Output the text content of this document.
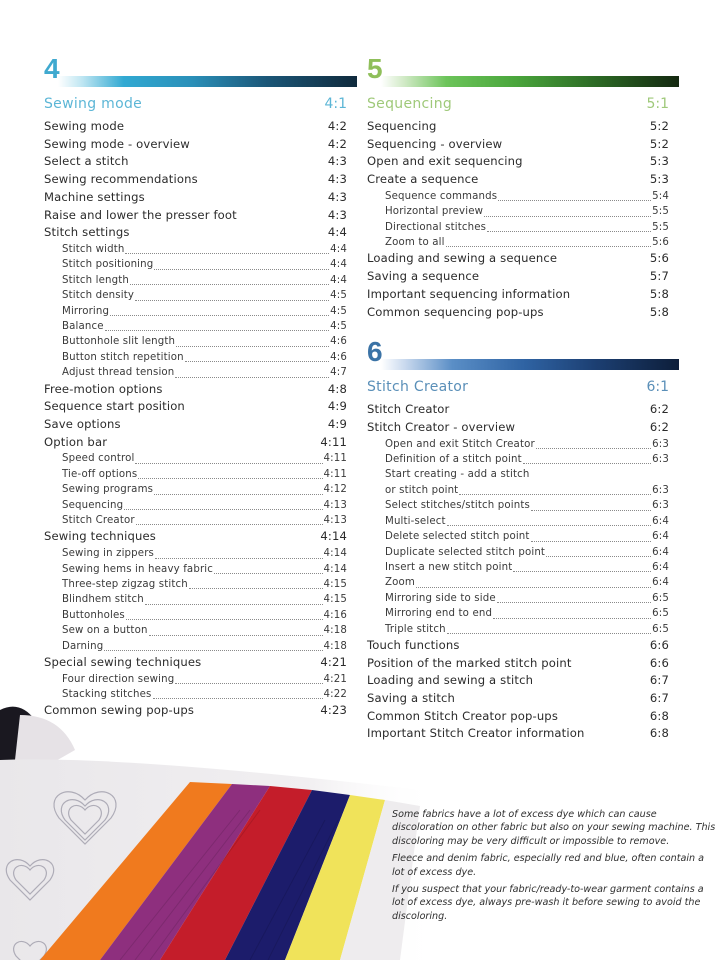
4
Sewing mode	4:1
Sewing mode	4:2
Sewing mode - overview	4:2
Select a stitch	4:3
Sewing recommendations	4:3
Machine settings	4:3
Raise and lower the presser foot	4:3
Stitch settings	4:4
Stitch width	4:4
Stitch positioning	4:4
Stitch length	4:4
Stitch density	4:5
Mirroring	4:5
Balance	4:5
Buttonhole slit length	4:6
Button stitch repetition	4:6
Adjust thread tension	4:7
Free-motion options	4:8
Sequence start position	4:9
Save options	4:9
Option bar	4:11
Speed control	4:11
Tie-off options	4:11
Sewing programs	4:12
Sequencing	4:13
Stitch Creator	4:13
Sewing techniques	4:14
Sewing in zippers	4:14
Sewing hems in heavy fabric	4:14
Three-step zigzag stitch	4:15
Blindhem stitch	4:15
Buttonholes	4:16
Sew on a button	4:18
Darning	4:18
Special sewing techniques	4:21
Four direction sewing	4:21
Stacking stitches	4:22
Common sewing pop-ups	4:23
5
Sequencing	5:1
Sequencing	5:2
Sequencing - overview	5:2
Open and exit sequencing	5:3
Create a sequence	5:3
Sequence commands	5:4
Horizontal preview	5:5
Directional stitches	5:5
Zoom to all	5:6
Loading and sewing a sequence	5:6
Saving a sequence	5:7
Important sequencing information	5:8
Common sequencing pop-ups	5:8
6
Stitch Creator	6:1
Stitch Creator	6:2
Stitch Creator - overview	6:2
Open and exit Stitch Creator	6:3
Definition of a stitch point	6:3
Start creating - add a stitch
or stitch point	6:3
Select stitches/stitch points	6:3
Multi-select	6:4
Delete selected stitch point	6:4
Duplicate selected stitch point	6:4
Insert a new stitch point	6:4
Zoom	6:4
Mirroring side to side	6:5
Mirroring end to end	6:5
Triple stitch	6:5
Touch functions	6:6
Position of the marked stitch point	6:6
Loading and sewing a stitch	6:7
Saving a stitch	6:7
Common Stitch Creator pop-ups	6:8
Important Stitch Creator information	6:8

Some fabrics have a lot of excess dye which can cause discoloration on other fabric but also on your sewing machine. This discoloring may be very difficult or impossible to remove.

Fleece and denim fabric, especially red and blue, often contain a lot of excess dye.

If you suspect that your fabric/ready-to-wear garment contains a lot of excess dye, always pre-wash it before sewing to avoid the discoloring.
